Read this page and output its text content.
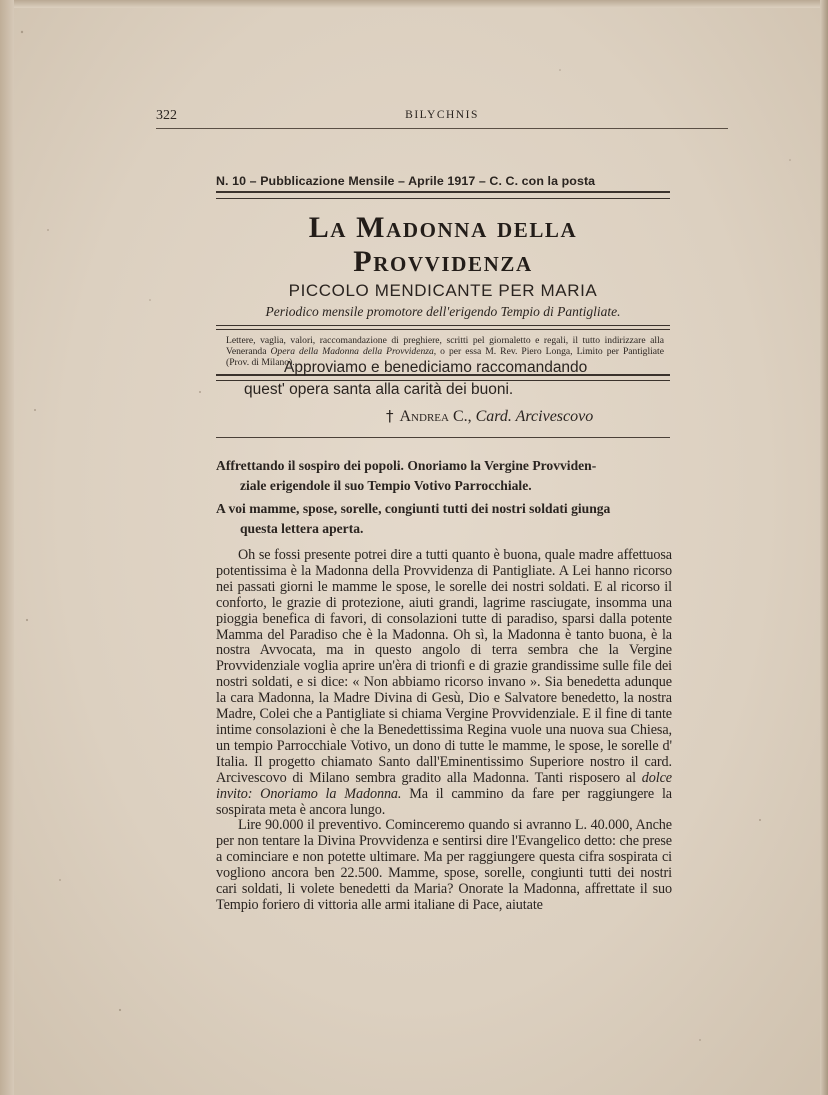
322	BILYCHNIS
N. 10 – Pubblicazione Mensile – Aprile 1917 – C. C. con la posta
La Madonna della Provvidenza
PICCOLO MENDICANTE PER MARIA
Periodico mensile promotore dell'erigendo Tempio di Pantigliate.
Lettere, vaglia, valori, raccomandazione di preghiere, scritti pel giornaletto e regali, il tutto indirizzare alla Veneranda Opera della Madonna della Provvidenza, o per essa M. Rev. Piero Longa, Limito per Pantigliate (Prov. di Milano).
Approviamo e benediciamo raccomandando
quest' opera santa alla carità dei buoni.
† Andrea C., Card. Arcivescovo
Affrettando il sospiro dei popoli. Onoriamo la Vergine Provviden-
ziale erigendole il suo Tempio Votivo Parrocchiale.
A voi mamme, spose, sorelle, congiunti tutti dei nostri soldati giunga
questa lettera aperta.

Oh se fossi presente potrei dire a tutti quanto è buona, quale madre affettuosa potentissima è la Madonna della Provvidenza di Pantigliate. A Lei hanno ricorso nei passati giorni le mamme le spose, le sorelle dei nostri soldati. E al ricorso il conforto, le grazie di protezione, aiuti grandi, lagrime rasciugate, insomma una pioggia benefica di favori, di consolazioni tutte di paradiso, sparsi dalla potente Mamma del Paradiso che è la Madonna. Oh sì, la Madonna è tanto buona, è la nostra Avvocata, ma in questo angolo di terra sembra che la Vergine Provvidenziale voglia aprire un'èra di trionfi e di grazie grandissime sulle file dei nostri soldati, e si dice: « Non abbiamo ricorso invano ». Sia benedetta adunque la cara Madonna, la Madre Divina di Gesù, Dio e Salvatore benedetto, la nostra Madre, Colei che a Pantigliate si chiama Vergine Provvidenziale. E il fine di tante intime consolazioni è che la Benedettissima Regina vuole una nuova sua Chiesa, un tempio Parrocchiale Votivo, un dono di tutte le mamme, le spose, le sorelle d' Italia. Il progetto chiamato Santo dall'Eminentissimo Superiore nostro il card. Arcivescovo di Milano sembra gradito alla Madonna. Tanti risposero al dolce invito: Onoriamo la Madonna. Ma il cammino da fare per raggiungere la sospirata meta è ancora lungo.

Lire 90.000 il preventivo. Cominceremo quando si avranno L. 40.000, Anche per non tentare la Divina Provvidenza e sentirsi dire l'Evangelico detto: che prese a cominciare e non potette ultimare. Ma per raggiungere questa cifra sospirata ci vogliono ancora ben 22.500. Mamme, spose, sorelle, congiunti tutti dei nostri cari soldati, li volete benedetti da Maria? Onorate la Madonna, affrettate il suo Tempio foriero di vittoria alle armi italiane di Pace, aiutate
